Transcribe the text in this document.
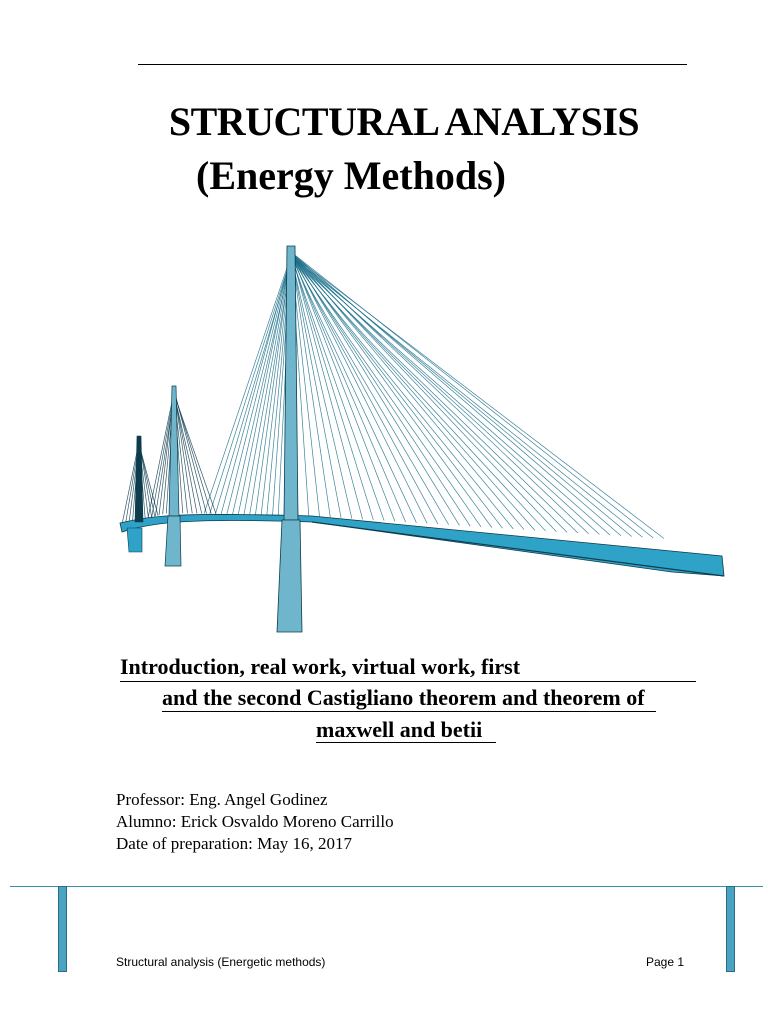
STRUCTURAL ANALYSIS
(Energy Methods)
Introduction, real work, virtual work, first
and the second Castigliano theorem and theorem of
maxwell and betii
Professor: Eng. Angel Godinez
Alumno: Erick Osvaldo Moreno Carrillo
Date of preparation: May 16, 2017
Structural analysis (Energetic methods)	Page 1
